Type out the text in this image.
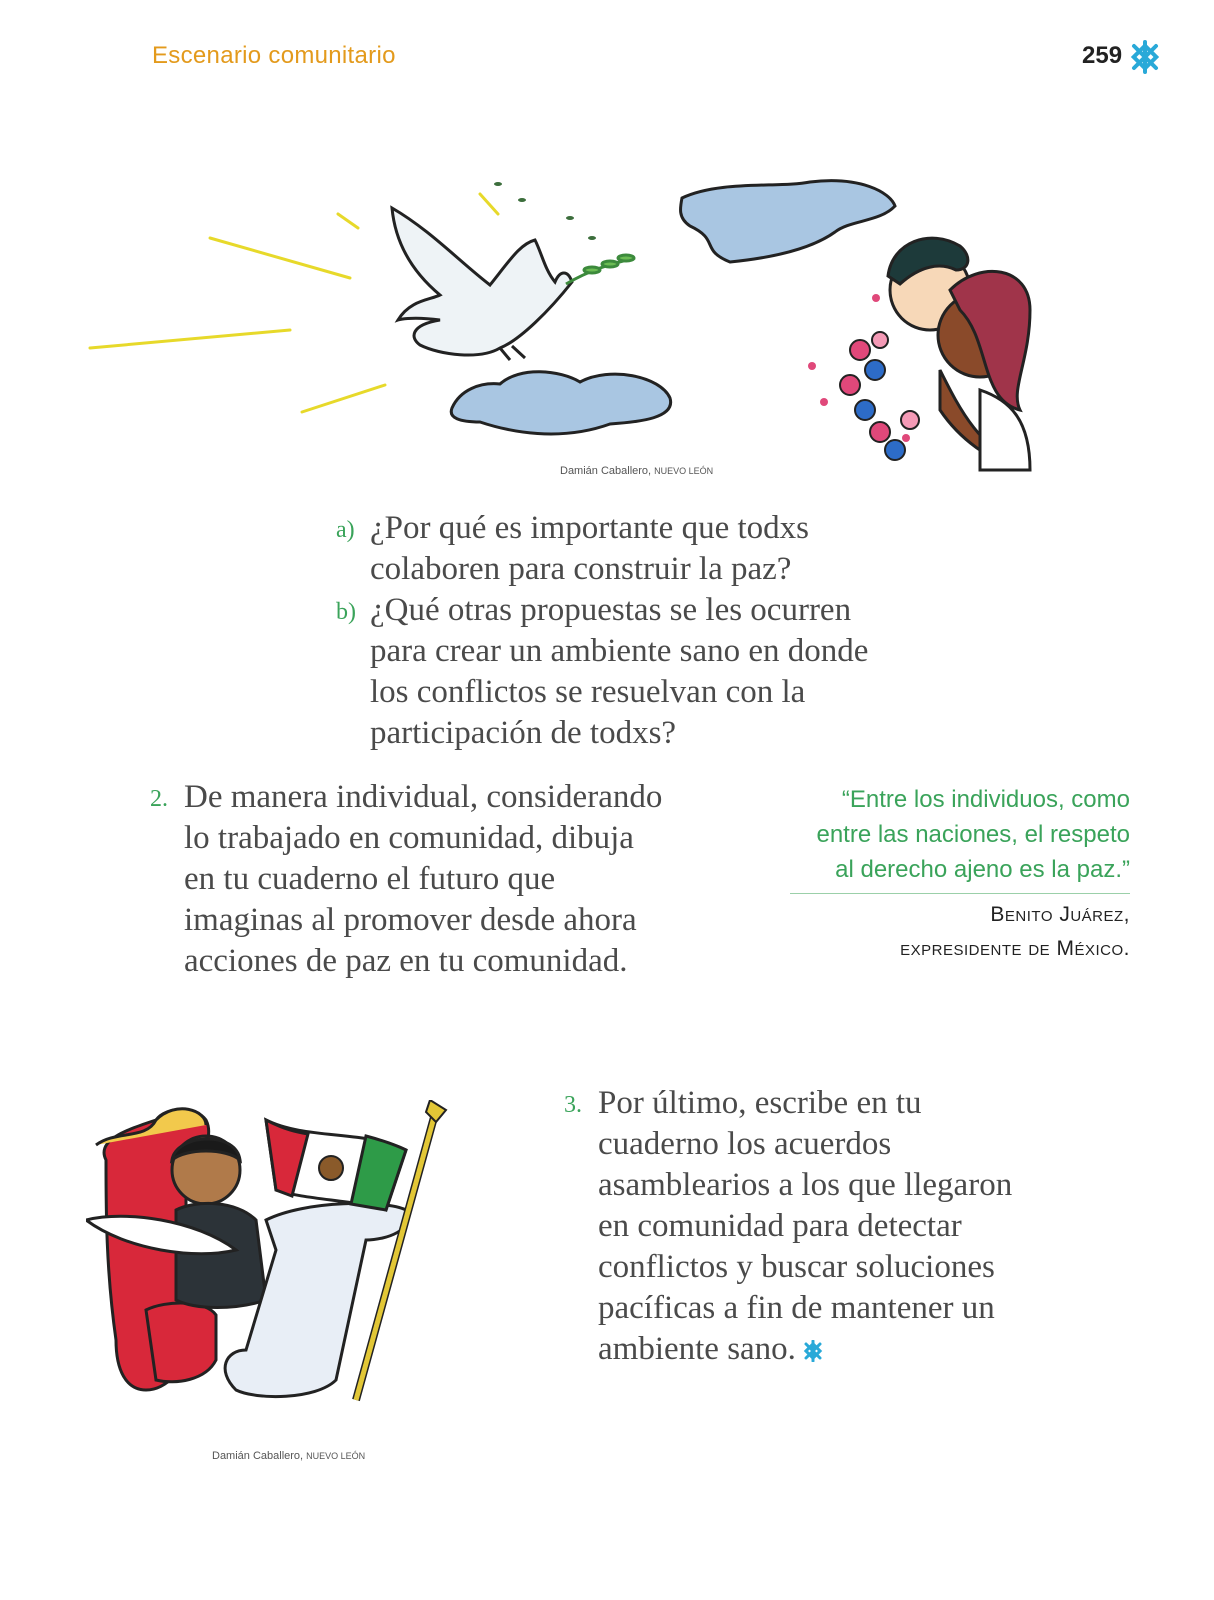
Escenario comunitario	259
Damián Caballero, NUEVO LEÓN
a) ¿Por qué es importante que todxs
colaboren para construir la paz?
b) ¿Qué otras propuestas se les ocurren
para crear un ambiente sano en donde
los conflictos se resuelvan con la
participación de todxs?
2. De manera individual, considerando
lo trabajado en comunidad, dibuja
en tu cuaderno el futuro que
imaginas al promover desde ahora
acciones de paz en tu comunidad.
“Entre los individuos, como
entre las naciones, el respeto
al derecho ajeno es la paz.”
Benito Juárez,
expresidente de México.
Damián Caballero, NUEVO LEÓN
3. Por último, escribe en tu
cuaderno los acuerdos
asamblearios a los que llegaron
en comunidad para detectar
conflictos y buscar soluciones
pacíficas a fin de mantener un
ambiente sano.
